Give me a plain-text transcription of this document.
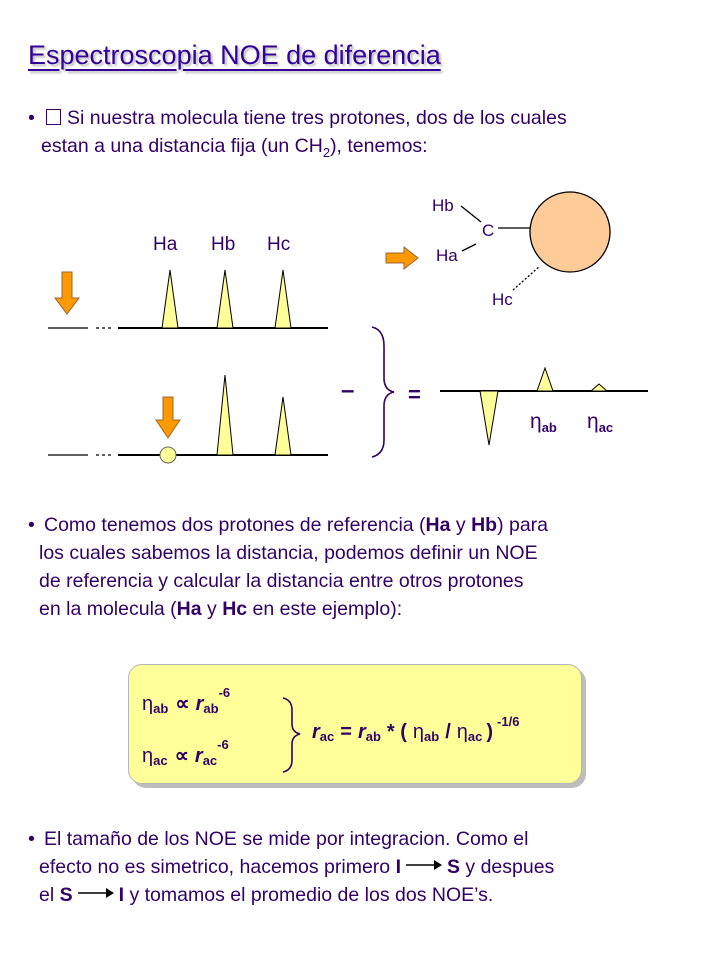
Espectroscopia NOE de diferencia
• Si nuestra molecula tiene tres protones, dos de los cuales
estan a una distancia fija (un $CH_2$), tenemos:
Ha Hb Hc
– =
ηab ηac
Hb
C
Ha
Hc
• Como tenemos dos protones de referencia (Ha y Hb) para
los cuales sabemos la distancia, podemos definir un NOE
de referencia y calcular la distancia entre otros protones
en la molecula (Ha y Hc en este ejemplo):
ηab ∝ rab$^{-6}$
ηac ∝ rac$^{-6}$
rac = rab * ( ηab / ηac ) $^{-1/6}$
• El tamaño de los NOE se mide por integracion. Como el
efecto no es simetrico, hacemos primero I S y despues
el S I y tomamos el promedio de los dos NOE’s.
